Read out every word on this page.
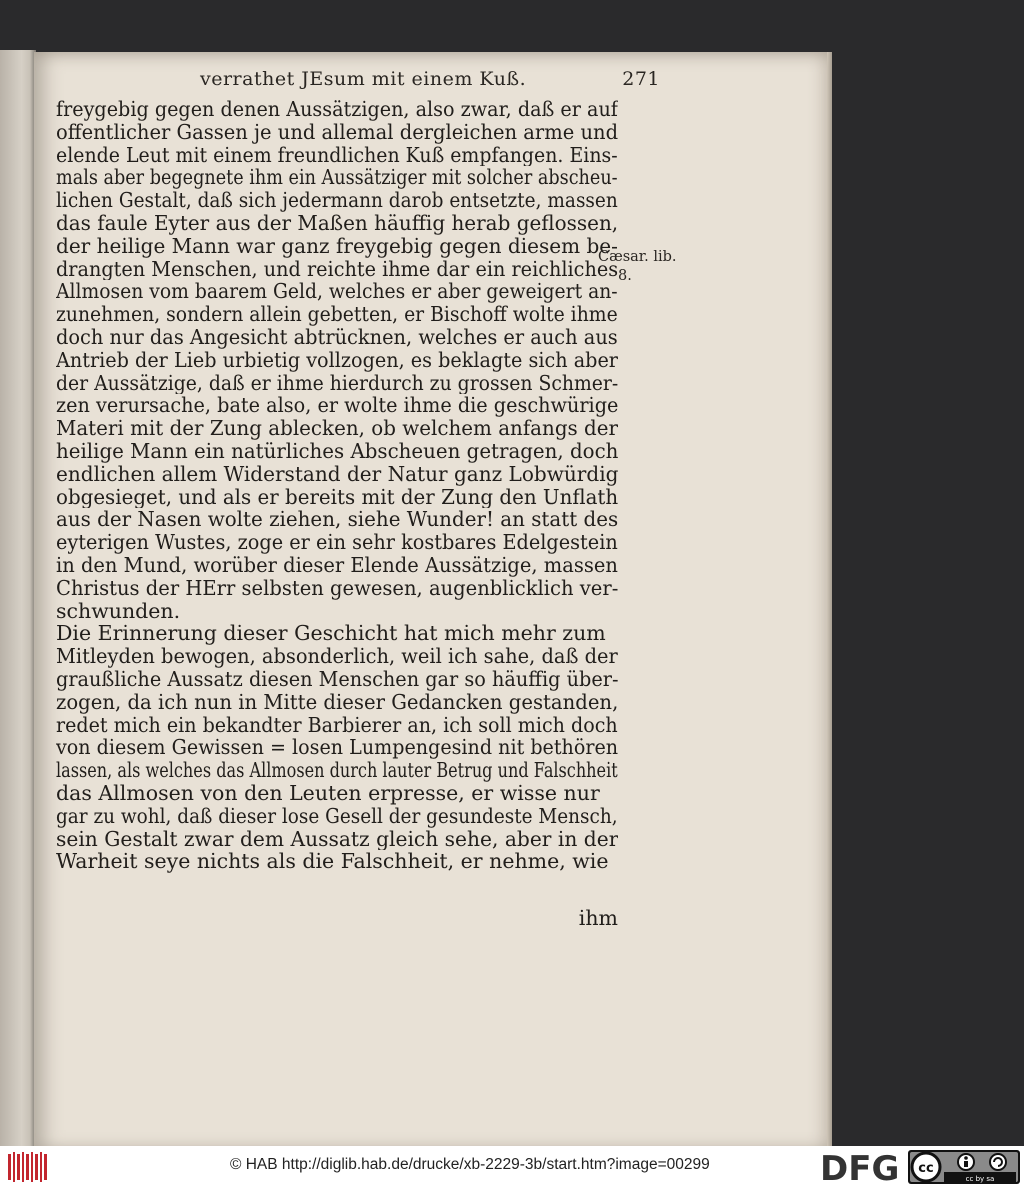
verrathet JEsum mit einem Kuß.	271
freygebig gegen denen Aussätzigen, also zwar, daß er auf
offentlicher Gassen je und allemal dergleichen arme und
elende Leut mit einem freundlichen Kuß empfangen. Eins-
mals aber begegnete ihm ein Aussätziger mit solcher abscheu-
lichen Gestalt, daß sich jedermann darob entsetzte, massen
das faule Eyter aus der Maßen häuffig herab geflossen,
der heilige Mann war ganz freygebig gegen diesem be-
drangten Menschen, und reichte ihme dar ein reichliches
Allmosen vom baarem Geld, welches er aber geweigert an-
zunehmen, sondern allein gebetten, er Bischoff wolte ihme
doch nur das Angesicht abtrücknen, welches er auch aus
Antrieb der Lieb urbietig vollzogen, es beklagte sich aber
der Aussätzige, daß er ihme hierdurch zu grossen Schmer-
zen verursache, bate also, er wolte ihme die geschwürige
Materi mit der Zung ablecken, ob welchem anfangs der
heilige Mann ein natürliches Abscheuen getragen, doch
endlichen allem Widerstand der Natur ganz Lobwürdig
obgesieget, und als er bereits mit der Zung den Unflath
aus der Nasen wolte ziehen, siehe Wunder! an statt des
eyterigen Wustes, zoge er ein sehr kostbares Edelgestein
in den Mund, worüber dieser Elende Aussätzige, massen
Christus der HErr selbsten gewesen, augenblicklich ver-
schwunden.
Die Erinnerung dieser Geschicht hat mich mehr zum
Mitleyden bewogen, absonderlich, weil ich sahe, daß der
graußliche Aussatz diesen Menschen gar so häuffig über-
zogen, da ich nun in Mitte dieser Gedancken gestanden,
redet mich ein bekandter Barbierer an, ich soll mich doch
von diesem Gewissen = losen Lumpengesind nit bethören
lassen, als welches das Allmosen durch lauter Betrug und Falschheit
das Allmosen von den Leuten erpresse, er wisse nur
gar zu wohl, daß dieser lose Gesell der gesundeste Mensch,
sein Gestalt zwar dem Aussatz gleich sehe, aber in der
Warheit seye nichts als die Falschheit, er nehme, wie
Cæsar. lib.
8.
ihm
© HAB http://diglib.hab.de/drucke/xb-2229-3b/start.htm?image=00299	DFG cc
cc by sa
